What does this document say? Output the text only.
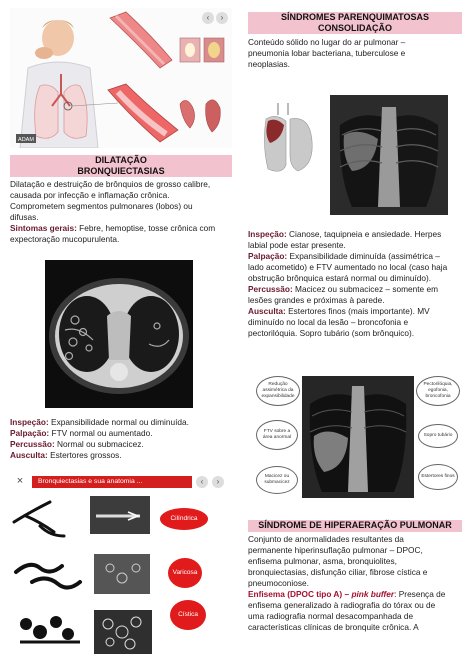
ADAM
‹	›
DILATAÇÃO
BRONQUIECTASIAS
Dilatação e destruição de brônquios de grosso calibre,
causada por infecção e inflamação crônica.
Comprometem segmentos pulmonares (lobos) ou
difusas.
Sintomas gerais: Febre, hemoptise, tosse crônica com
expectoração mucopurulenta.
Inspeção: Expansibilidade normal ou diminuída.
Palpação: FTV normal ou aumentado.
Percussão: Normal ou submacicez.
Ausculta: Estertores grossos.
×	Bronquiectasias e sua anatomia ...	‹	›
Cilíndrica
Varicosa
Cística
SÍNDROMES PARENQUIMATOSAS
CONSOLIDAÇÃO
Conteúdo sólido no lugar do ar pulmonar –
pneumonia lobar bacteriana, tuberculose e
neoplasias.
Inspeção: Cianose, taquipneia e ansiedade. Herpes
labial pode estar presente.
Palpação: Expansibilidade diminuída (assimétrica –
lado acometido) e FTV aumentado no local (caso haja
obstrução brônquica estará normal ou diminuído).
Percussão: Macicez ou submacicez – somente em
lesões grandes e próximas à parede.
Ausculta: Estertores finos (mais importante). MV
diminuído no local da lesão – broncofonia e
pectorilóquia. Sopro tubário (som brônquico).
Redução assimétrica da expansibilidade
FTV sobre a área anormal
Macicez ou submacicez
Pectorilóquia, egofonia, broncofonia
Sopro tubário
Estertores finos
SÍNDROME DE HIPERAERAÇÃO PULMONAR
Conjunto de anormalidades resultantes da
permanente hiperinsuflação pulmonar – DPOC,
enfisema pulmonar, asma, bronquiolites,
bronquiectasias, disfunção ciliar, fibrose cística e
pneumoconiose.
Enfisema (DPOC tipo A) – pink buffer: Presença de
enfisema generalizado à radiografia do tórax ou de
uma radiografia normal desacompanhada de
características clínicas de bronquite crônica. A
